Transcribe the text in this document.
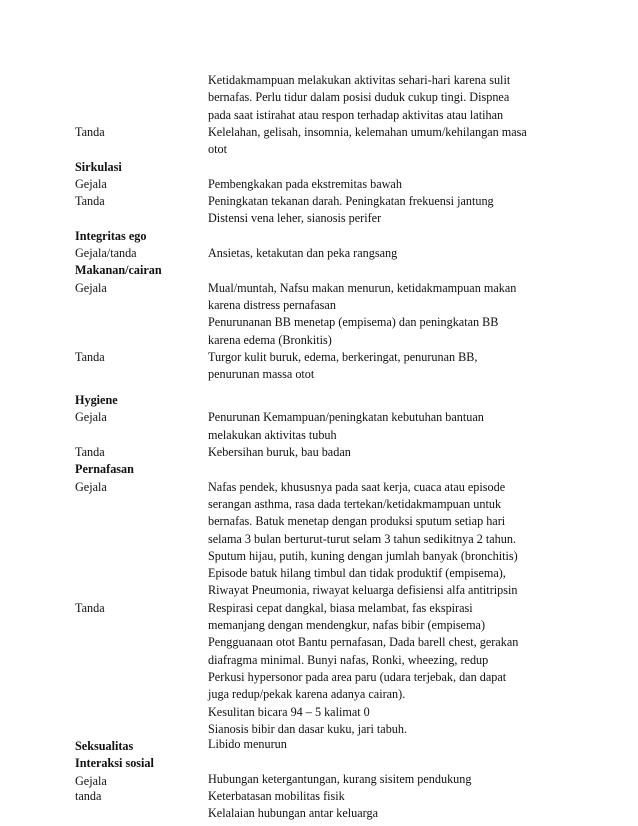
Ketidakmampuan melakukan aktivitas sehari-hari karena sulit
bernafas. Perlu tidur dalam posisi duduk cukup tingi. Dispnea
pada saat istirahat atau respon terhadap aktivitas atau latihan
Tanda	Kelelahan, gelisah, insomnia, kelemahan umum/kehilangan masa
otot
Sirkulasi
Gejala	Pembengkakan pada ekstremitas bawah
Tanda	Peningkatan tekanan darah. Peningkatan frekuensi jantung
Distensi vena leher, sianosis perifer
Integritas ego
Gejala/tanda	Ansietas, ketakutan dan peka rangsang
Makanan/cairan
Gejala	Mual/muntah, Nafsu makan menurun, ketidakmampuan makan
karena distress pernafasan
Penurunanan BB menetap (empisema) dan peningkatan BB
karena edema (Bronkitis)
Tanda	Turgor kulit buruk, edema, berkeringat, penurunan BB,
penurunan massa otot
Hygiene
Gejala	Penurunan Kemampuan/peningkatan kebutuhan bantuan
melakukan aktivitas tubuh
Tanda	Kebersihan buruk, bau badan
Pernafasan
Gejala	Nafas pendek, khususnya pada saat kerja, cuaca atau episode
serangan asthma, rasa dada tertekan/ketidakmampuan untuk
bernafas. Batuk menetap dengan produksi sputum setiap hari
selama 3 bulan berturut-turut selam 3 tahun sedikitnya 2 tahun.
Sputum hijau, putih, kuning dengan jumlah banyak (bronchitis)
Episode batuk hilang timbul dan tidak produktif (empisema),
Riwayat Pneumonia, riwayat keluarga defisiensi alfa antitripsin
Tanda	Respirasi cepat dangkal, biasa melambat, fas ekspirasi
memanjang dengan mendengkur, nafas bibir (empisema)
Pengguanaan otot Bantu pernafasan, Dada barell chest, gerakan
diafragma minimal. Bunyi nafas, Ronki, wheezing, redup
Perkusi hypersonor pada area paru (udara terjebak, dan dapat
juga redup/pekak karena adanya cairan).
Kesulitan bicara 94 – 5 kalimat 0
Sianosis bibir dan dasar kuku, jari tabuh.
Seksualitas	Libido menurun
Interaksi sosial
Gejala	Hubungan ketergantungan, kurang sisitem pendukung
tanda	Keterbatasan mobilitas fisik
Kelalaian hubungan antar keluarga
